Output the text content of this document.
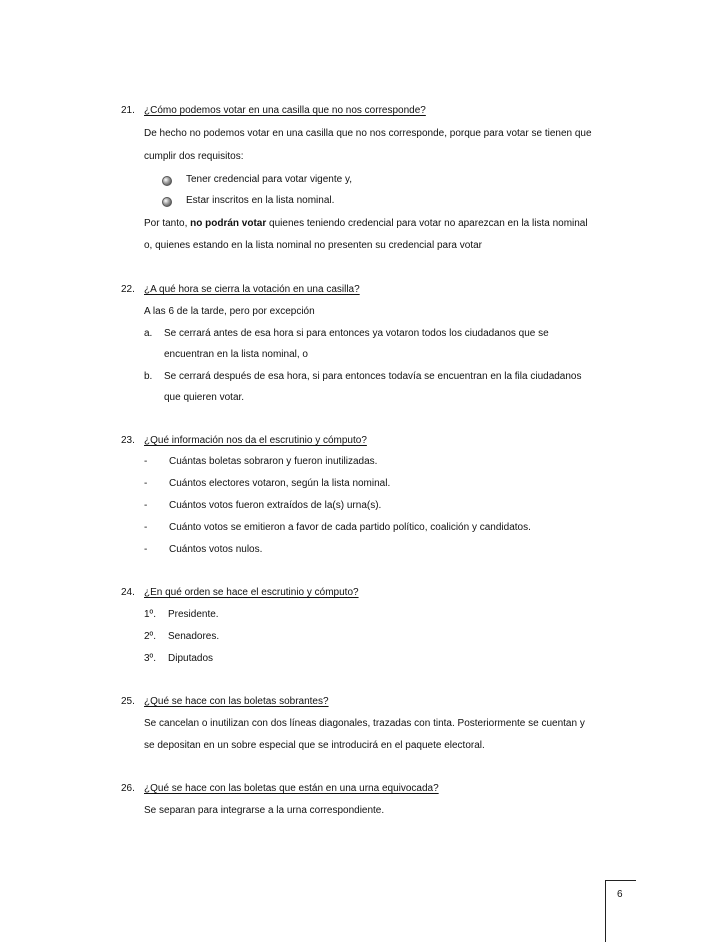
21. ¿Cómo podemos votar en una casilla que no nos corresponde?
De hecho no podemos votar en una casilla que no nos corresponde, porque para votar se tienen que
cumplir dos requisitos:
Tener credencial para votar vigente y,
Estar inscritos en la lista nominal.
Por tanto, no podrán votar quienes teniendo credencial para votar no aparezcan en la lista nominal
o, quienes estando en la lista nominal no presenten su credencial para votar
22. ¿A qué hora se cierra la votación en una casilla?
A las 6 de la tarde, pero por excepción
a. Se cerrará antes de esa hora si para entonces ya votaron todos los ciudadanos que se
encuentran en la lista nominal, o
b. Se cerrará después de esa hora, si para entonces todavía se encuentran en la fila ciudadanos
que quieren votar.
23. ¿Qué información nos da el escrutinio y cómputo?
- Cuántas boletas sobraron y fueron inutilizadas.
- Cuántos electores votaron, según la lista nominal.
- Cuántos votos fueron extraídos de la(s) urna(s).
- Cuánto votos se emitieron a favor de cada partido político, coalición y candidatos.
- Cuántos votos nulos.
24. ¿En qué orden se hace el escrutinio y cómputo?
1º. Presidente.
2º. Senadores.
3º. Diputados
25. ¿Qué se hace con las boletas sobrantes?
Se cancelan o inutilizan con dos líneas diagonales, trazadas con tinta. Posteriormente se cuentan y
se depositan en un sobre especial que se introducirá en el paquete electoral.
26. ¿Qué se hace con las boletas que están en una urna equivocada?
Se separan para integrarse a la urna correspondiente.
6
